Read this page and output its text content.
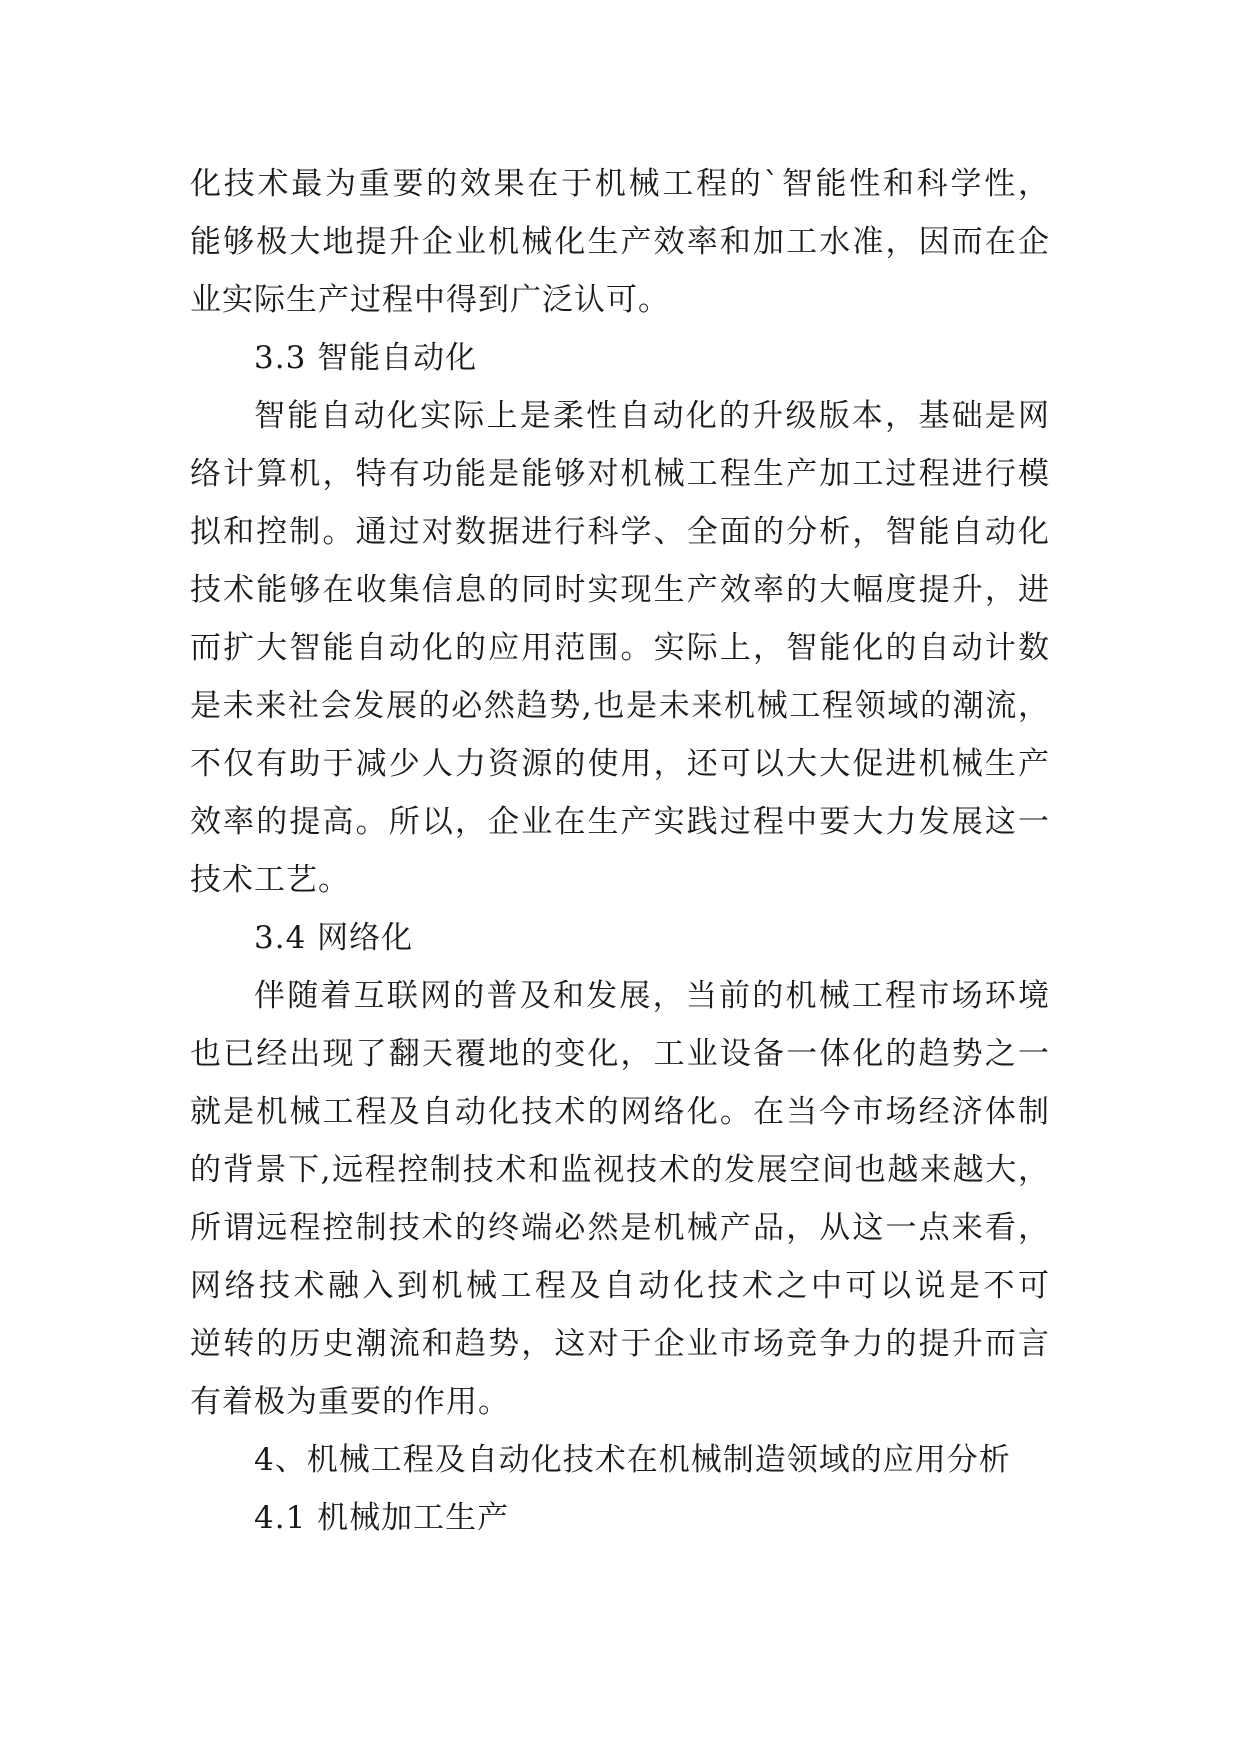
化技术最为重要的效果在于机械工程的`智能性和科学性，
能够极大地提升企业机械化生产效率和加工水准，因而在企
业实际生产过程中得到广泛认可。
3.3 智能自动化
智能自动化实际上是柔性自动化的升级版本，基础是网
络计算机，特有功能是能够对机械工程生产加工过程进行模
拟和控制。通过对数据进行科学、全面的分析，智能自动化
技术能够在收集信息的同时实现生产效率的大幅度提升，进
而扩大智能自动化的应用范围。实际上，智能化的自动计数
是未来社会发展的必然趋势,也是未来机械工程领域的潮流，
不仅有助于减少人力资源的使用，还可以大大促进机械生产
效率的提高。所以，企业在生产实践过程中要大力发展这一
技术工艺。
3.4 网络化
伴随着互联网的普及和发展，当前的机械工程市场环境
也已经出现了翻天覆地的变化，工业设备一体化的趋势之一
就是机械工程及自动化技术的网络化。在当今市场经济体制
的背景下,远程控制技术和监视技术的发展空间也越来越大，
所谓远程控制技术的终端必然是机械产品，从这一点来看，
网络技术融入到机械工程及自动化技术之中可以说是不可
逆转的历史潮流和趋势，这对于企业市场竞争力的提升而言
有着极为重要的作用。
4、机械工程及自动化技术在机械制造领域的应用分析
4.1 机械加工生产
